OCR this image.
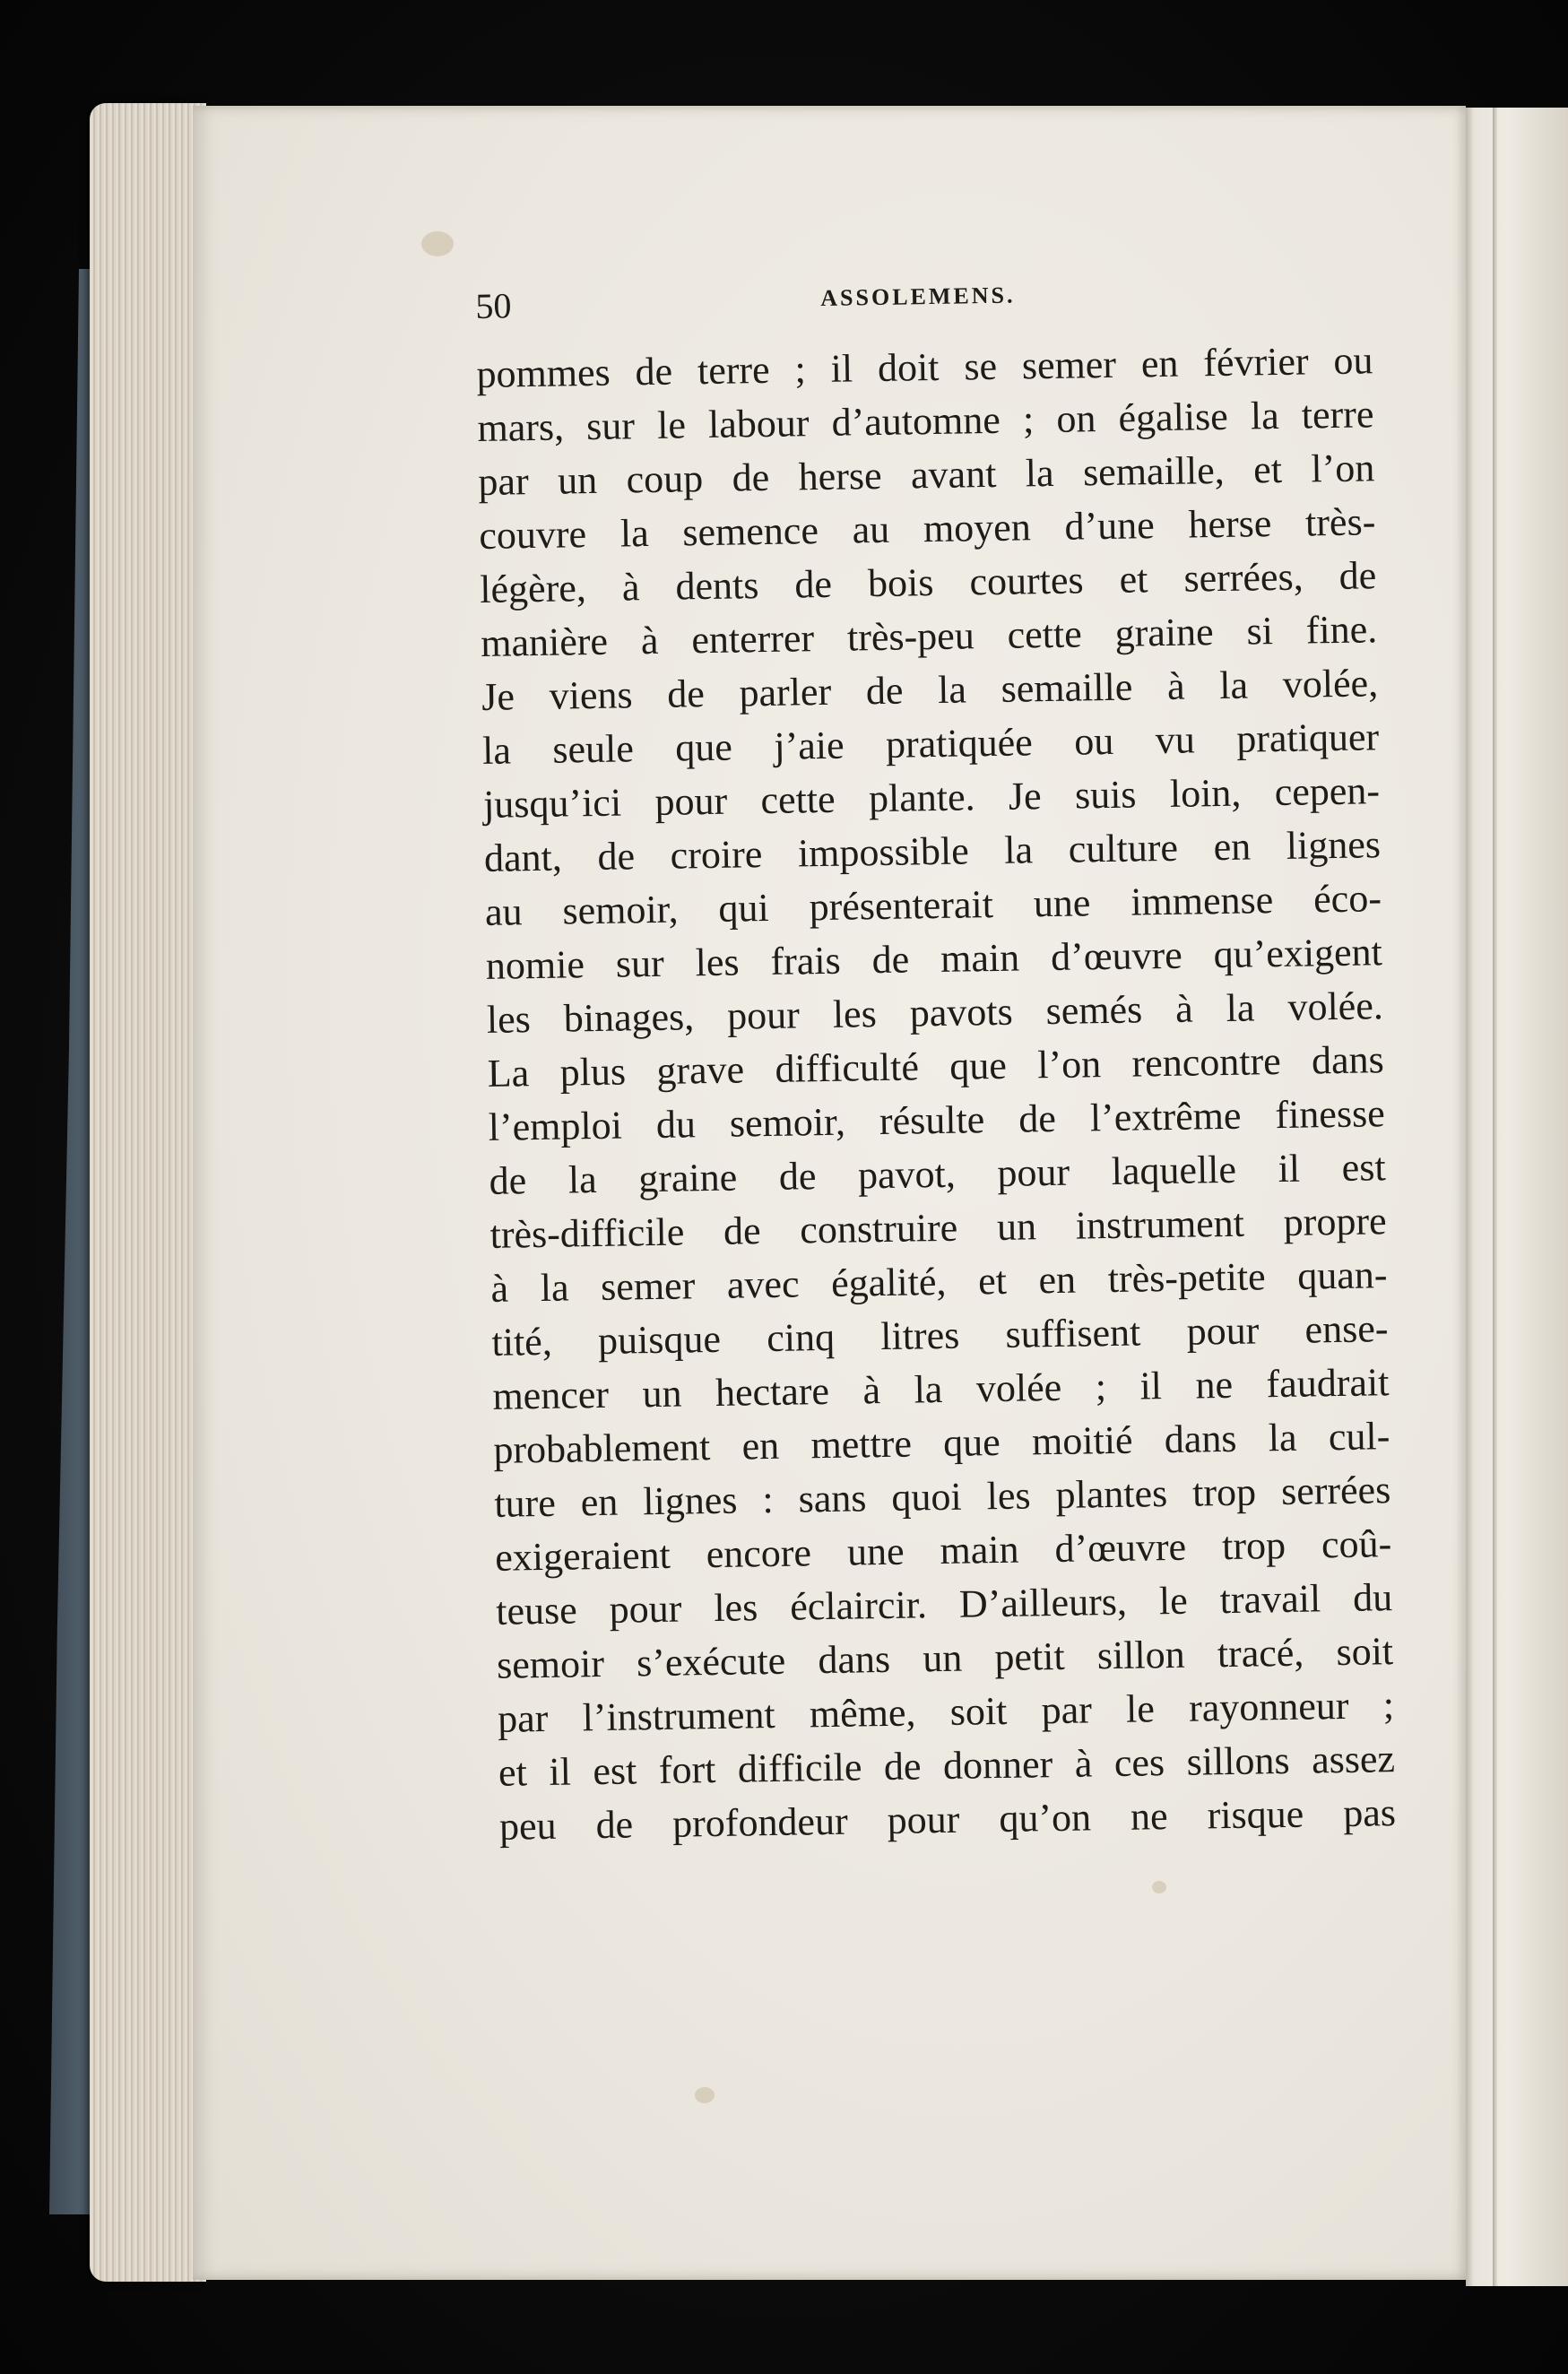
50	ASSOLEMENS.
pommes de terre ; il doit se semer en février ou
mars, sur le labour d’automne ; on égalise la terre
par un coup de herse avant la semaille, et l’on
couvre la semence au moyen d’une herse très-
légère, à dents de bois courtes et serrées, de
manière à enterrer très-peu cette graine si fine.
Je viens de parler de la semaille à la volée,
la seule que j’aie pratiquée ou vu pratiquer
jusqu’ici pour cette plante. Je suis loin, cepen-
dant, de croire impossible la culture en lignes
au semoir, qui présenterait une immense éco-
nomie sur les frais de main d’œuvre qu’exigent
les binages, pour les pavots semés à la volée.
La plus grave difficulté que l’on rencontre dans
l’emploi du semoir, résulte de l’extrême finesse
de la graine de pavot, pour laquelle il est
très-difficile de construire un instrument propre
à la semer avec égalité, et en très-petite quan-
tité, puisque cinq litres suffisent pour ense-
mencer un hectare à la volée ; il ne faudrait
probablement en mettre que moitié dans la cul-
ture en lignes : sans quoi les plantes trop serrées
exigeraient encore une main d’œuvre trop coû-
teuse pour les éclaircir. D’ailleurs, le travail du
semoir s’exécute dans un petit sillon tracé, soit
par l’instrument même, soit par le rayonneur ;
et il est fort difficile de donner à ces sillons assez
peu de profondeur pour qu’on ne risque pas
